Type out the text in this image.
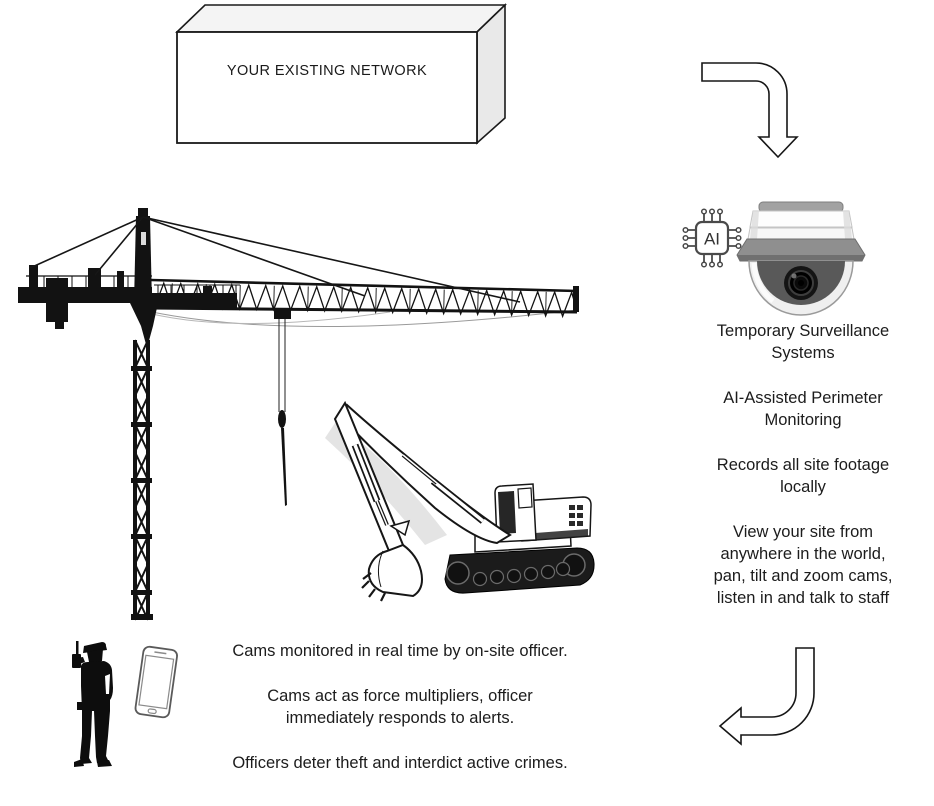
YOUR EXISTING NETWORK
AI
Temporary Surveillance
Systems
AI-Assisted Perimeter
Monitoring
Records all site footage
locally
View your site from
anywhere in the world,
pan, tilt and zoom cams,
listen in and talk to staff
Cams monitored in real time by on-site officer.
Cams act as force multipliers, officer
immediately responds to alerts.
Officers deter theft and interdict active crimes.
